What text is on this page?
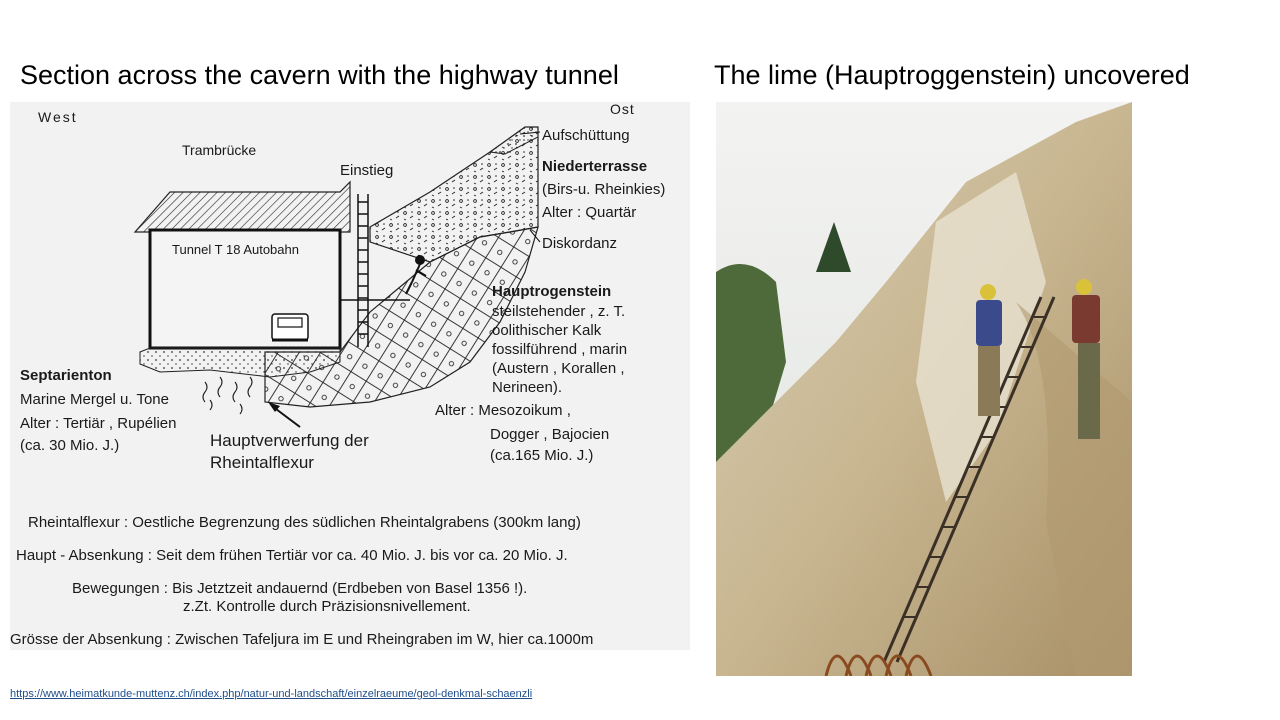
Section across the cavern with the highway tunnel	The lime (Hauptroggenstein) uncovered
West	Ost
Trambrücke
Einstieg
Tunnel T 18 Autobahn
Aufschüttung
Niederterrasse
(Birs-u. Rheinkies)
Alter : Quartär
Diskordanz
Hauptrogenstein
steilstehender , z. T.
oolithischer Kalk
fossilführend , marin
(Austern , Korallen ,
Nerineen).
Alter : Mesozoikum ,
Dogger , Bajocien
(ca.165 Mio. J.)
Septarienton
Marine Mergel u. Tone
Alter : Tertiär , Rupélien
(ca. 30 Mio. J.)	Hauptverwerfung der
Rheintalflexur
Rheintalflexur : Oestliche Begrenzung des südlichen Rheintalgrabens (300km lang)
Haupt - Absenkung : Seit dem frühen Tertiär vor ca. 40 Mio. J. bis vor ca. 20 Mio. J.
Bewegungen : Bis Jetztzeit andauernd (Erdbeben von Basel 1356 !).
z.Zt. Kontrolle durch Präzisionsnivellement.
Grösse der Absenkung : Zwischen Tafeljura im E und Rheingraben im W, hier ca.1000m
https://www.heimatkunde-muttenz.ch/index.php/natur-und-landschaft/einzelraeume/geol-denkmal-schaenzli
